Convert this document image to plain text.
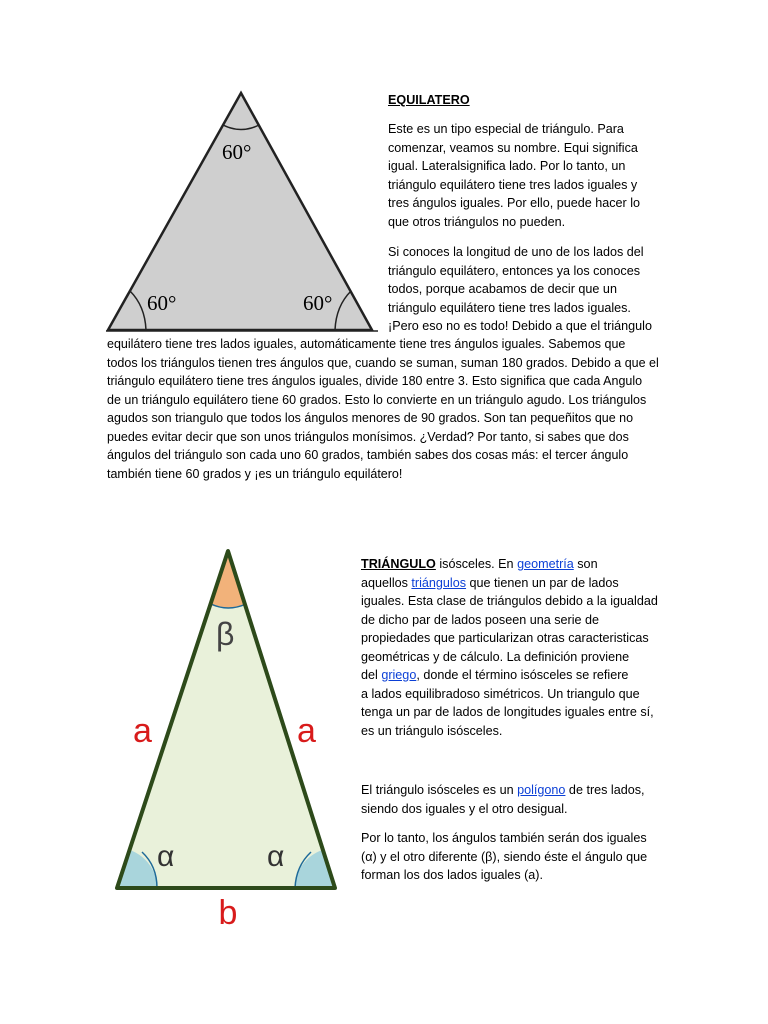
60°
60°	60°
EQUILATERO
Este es un tipo especial de triángulo. Para
comenzar, veamos su nombre. Equi significa
igual. Lateralsignifica lado. Por lo tanto, un
triángulo equilátero tiene tres lados iguales y
tres ángulos iguales. Por ello, puede hacer lo
que otros triángulos no pueden.
Si conoces la longitud de uno de los lados del
triángulo equilátero, entonces ya los conoces
todos, porque acabamos de decir que un
triángulo equilátero tiene tres lados iguales.
¡Pero eso no es todo! Debido a que el triángulo
equilátero tiene tres lados iguales, automáticamente tiene tres ángulos iguales. Sabemos que
todos los triángulos tienen tres ángulos que, cuando se suman, suman 180 grados. Debido a que el
triángulo equilátero tiene tres ángulos iguales, divide 180 entre 3. Esto significa que cada Angulo
de un triángulo equilátero tiene 60 grados. Esto lo convierte en un triángulo agudo. Los triángulos
agudos son triangulo que todos los ángulos menores de 90 grados. Son tan pequeñitos que no
puedes evitar decir que son unos triángulos monísimos. ¿Verdad? Por tanto, si sabes que dos
ángulos del triángulo son cada uno 60 grados, también sabes dos cosas más: el tercer ángulo
también tiene 60 grados y ¡es un triángulo equilátero!
β
α	α
a	a
b
TRIÁNGULO isósceles. En geometría son
aquellos triángulos que tienen un par de lados
iguales. Esta clase de triángulos debido a la igualdad
de dicho par de lados poseen una serie de
propiedades que particularizan otras caracteristicas
geométricas y de cálculo. La definición proviene
del griego, donde el término isósceles se refiere
a lados equilibradoso simétricos. Un triangulo que
tenga un par de lados de longitudes iguales entre sí,
es un triángulo isósceles.
El triángulo isósceles es un polígono de tres lados,
siendo dos iguales y el otro desigual.
Por lo tanto, los ángulos también serán dos iguales
(α) y el otro diferente (β), siendo éste el ángulo que
forman los dos lados iguales (a).
